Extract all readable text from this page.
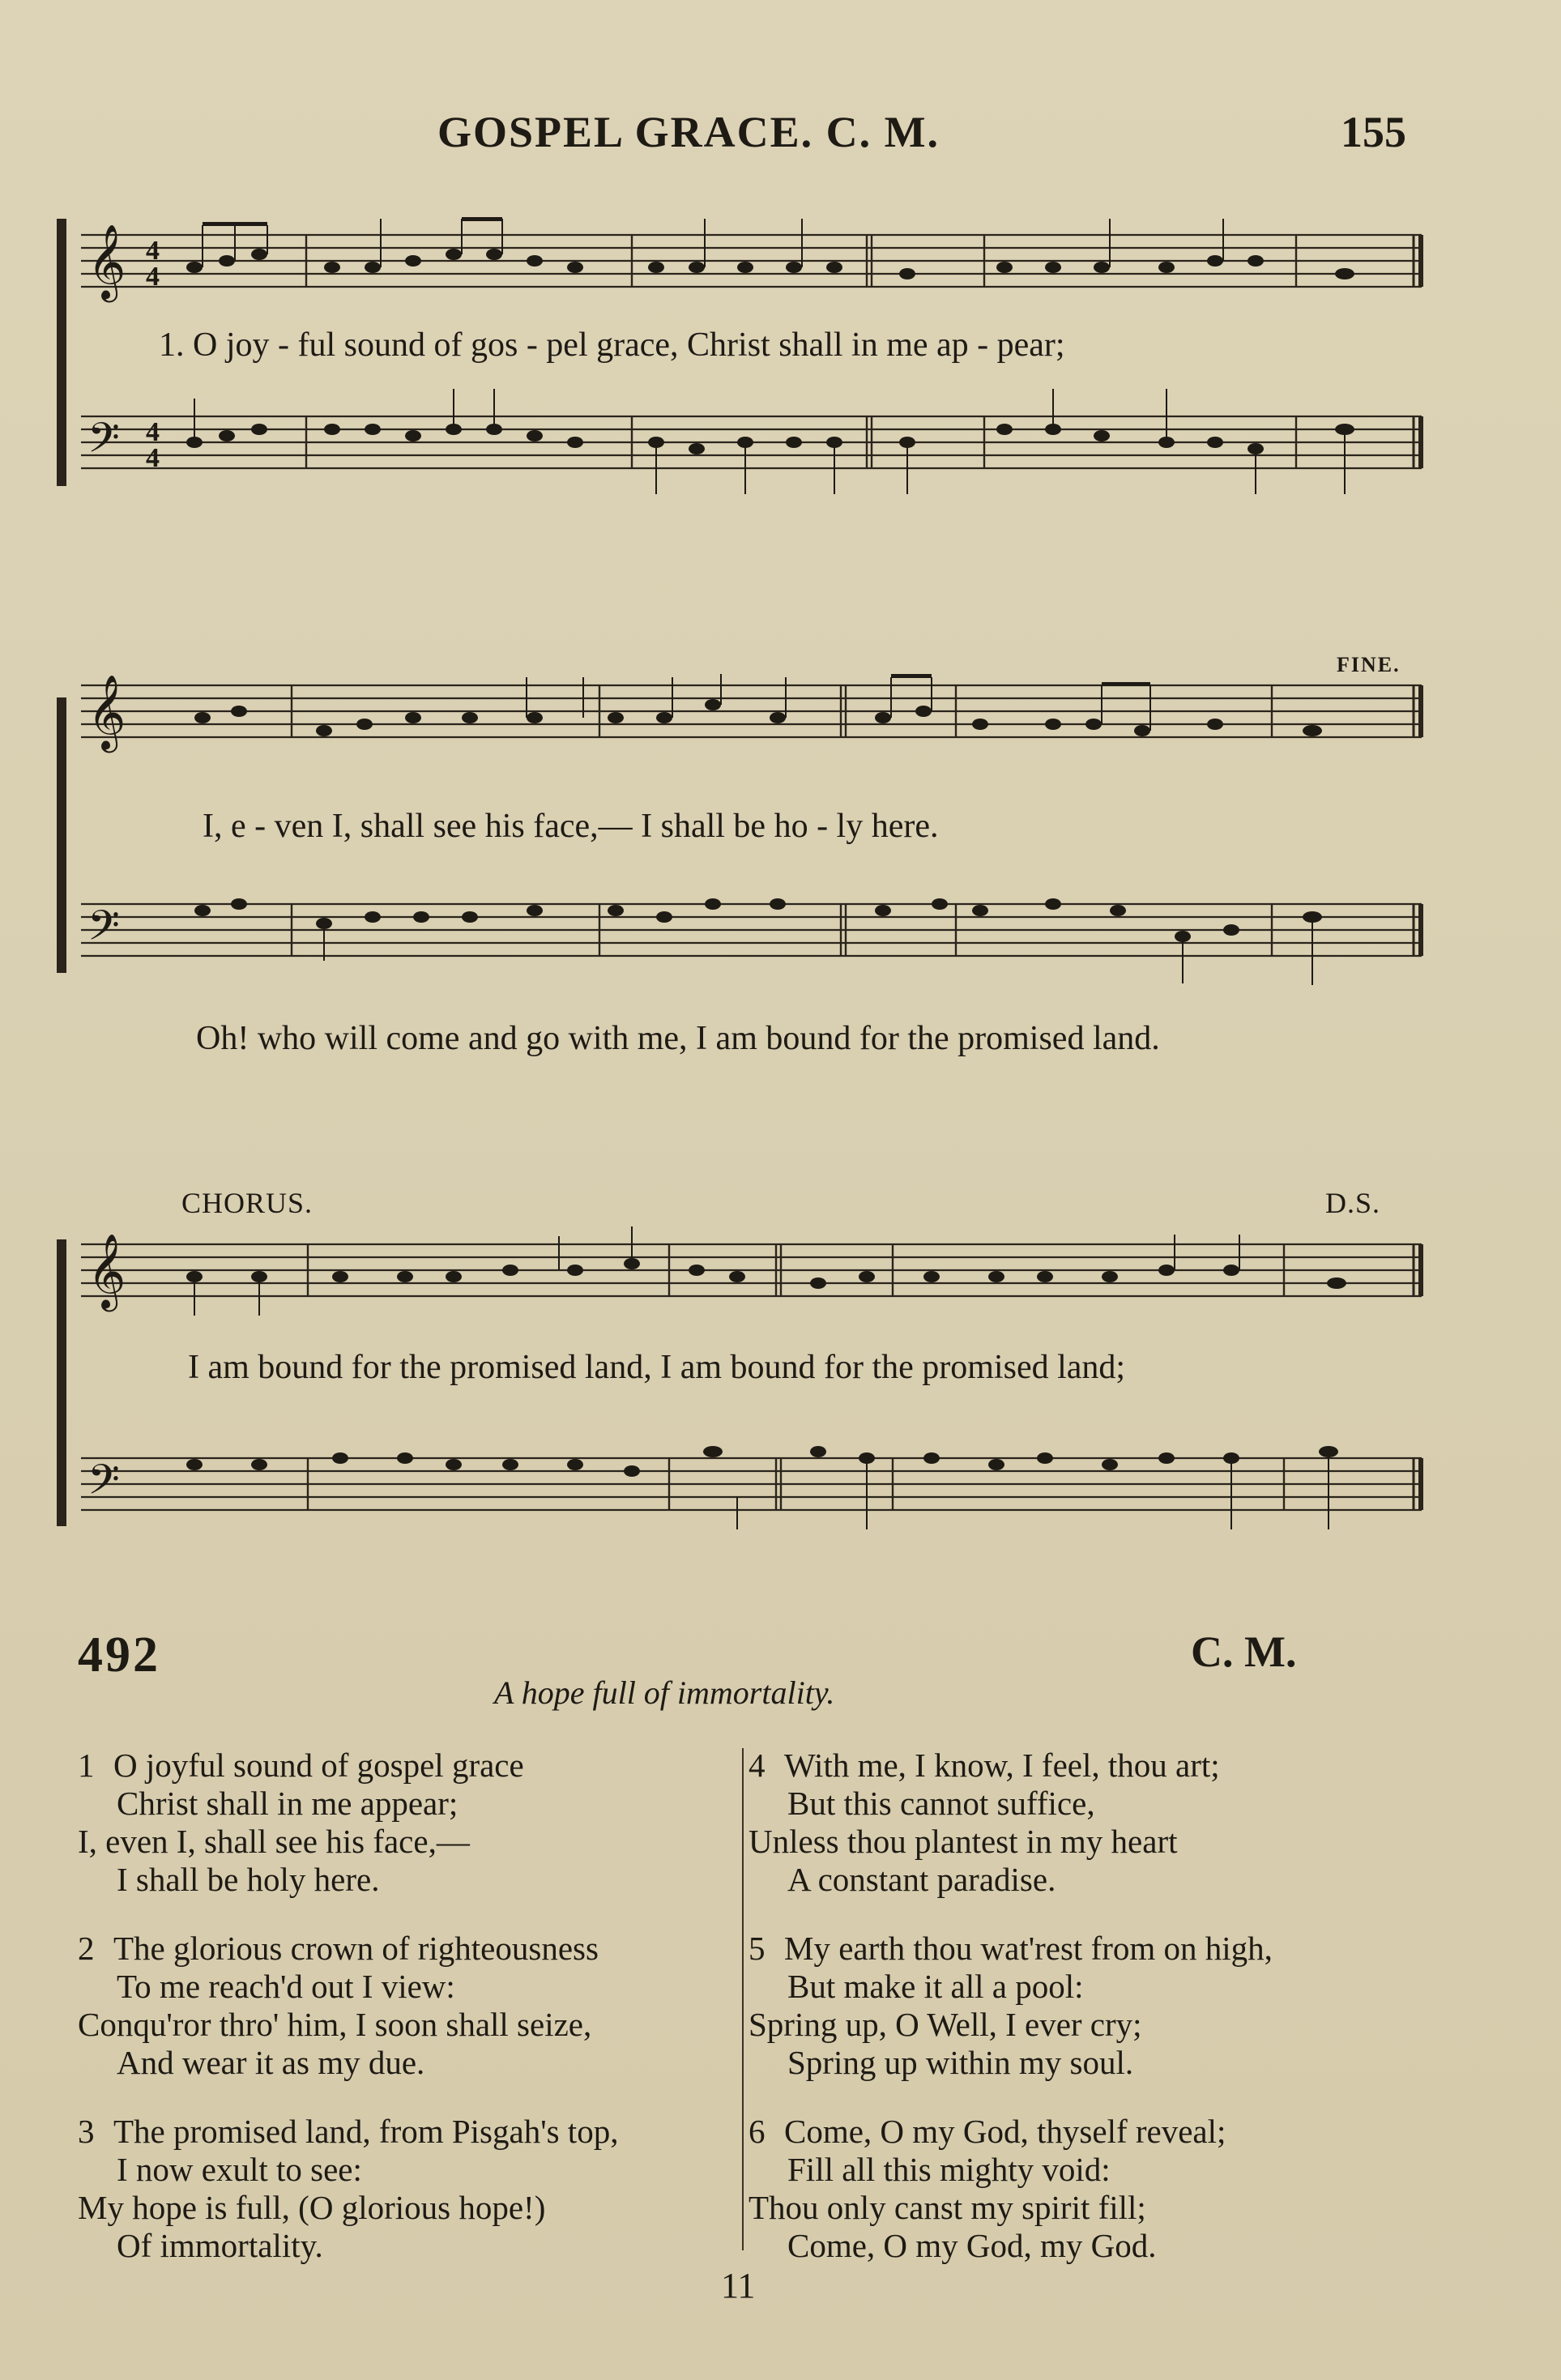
GOSPEL GRACE. C. M.	155
𝄞
𝄢
4
4
4
4
1. O joy - ful sound of gos - pel grace, Christ shall in me ap - pear;
𝄞
𝄢
FINE.
I, e - ven I, shall see his face,— I shall be ho - ly here.
Oh! who will come and go with me, I am bound for the promised land.
𝄞
𝄢
CHORUS.	D.S.
I am bound for the promised land, I am bound for the promised land;
492	C. M.
A hope full of immortality.
1 O joyful sound of gospel grace
Christ shall in me appear;
I, even I, shall see his face,—
I shall be holy here.
2 The glorious crown of righteousness
To me reach'd out I view:
Conqu'ror thro' him, I soon shall seize,
And wear it as my due.
3 The promised land, from Pisgah's top,
I now exult to see:
My hope is full, (O glorious hope!)
Of immortality.
4 With me, I know, I feel, thou art;
But this cannot suffice,
Unless thou plantest in my heart
A constant paradise.
5 My earth thou wat'rest from on high,
But make it all a pool:
Spring up, O Well, I ever cry;
Spring up within my soul.
6 Come, O my God, thyself reveal;
Fill all this mighty void:
Thou only canst my spirit fill;
Come, O my God, my God.
11
